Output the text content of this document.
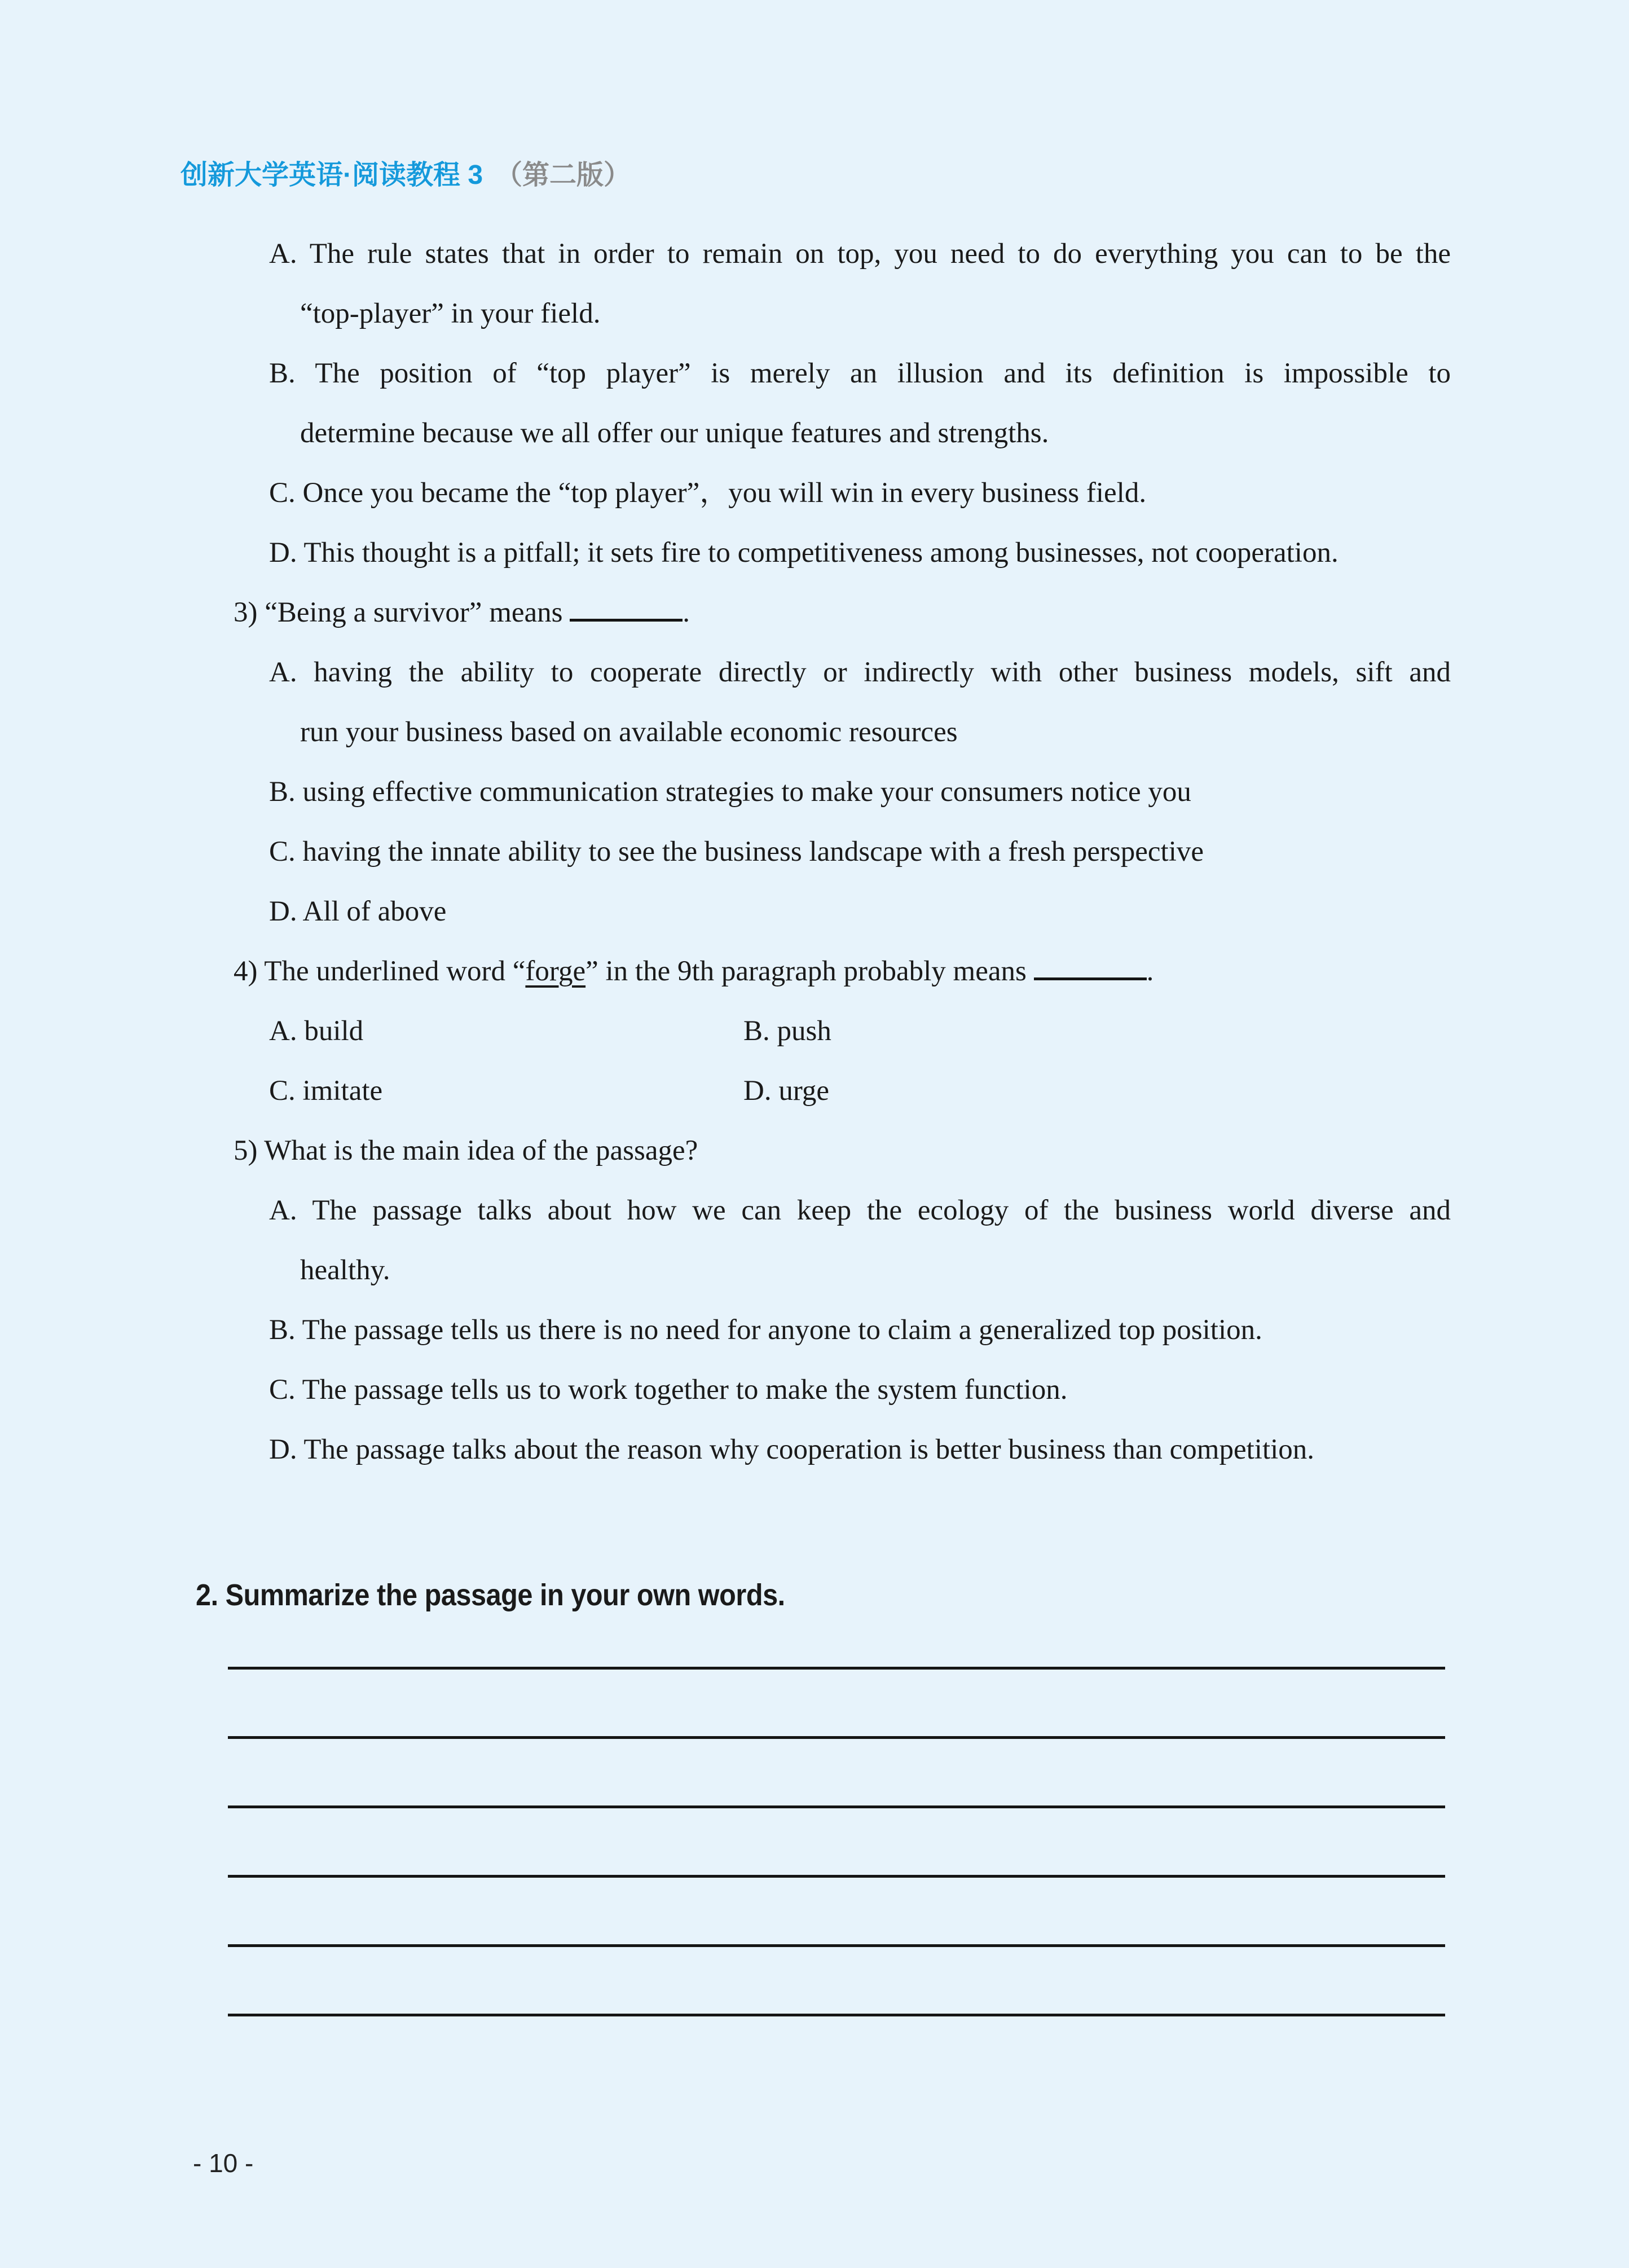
创新大学英语·阅读教程 3 （第二版）
A. The rule states that in order to remain on top, you need to do everything you can to be the
“top-player” in your field.
B. The position of “top player” is merely an illusion and its definition is impossible to
determine because we all offer our unique features and strengths.
C. Once you became the “top player”，you will win in every business field.
D. This thought is a pitfall; it sets fire to competitiveness among businesses, not cooperation.
3) “Being a survivor” means	.
A. having the ability to cooperate directly or indirectly with other business models, sift and
run your business based on available economic resources
B. using effective communication strategies to make your consumers notice you
C. having the innate ability to see the business landscape with a fresh perspective
D. All of above
4) The underlined word “forge” in the 9th paragraph probably means	.
A. build	B. push
C. imitate	D. urge
5) What is the main idea of the passage?
A. The passage talks about how we can keep the ecology of the business world diverse and
healthy.
B. The passage tells us there is no need for anyone to claim a generalized top position.
C. The passage tells us to work together to make the system function.
D. The passage talks about the reason why cooperation is better business than competition.
2. Summarize the passage in your own words.
- 10 -
